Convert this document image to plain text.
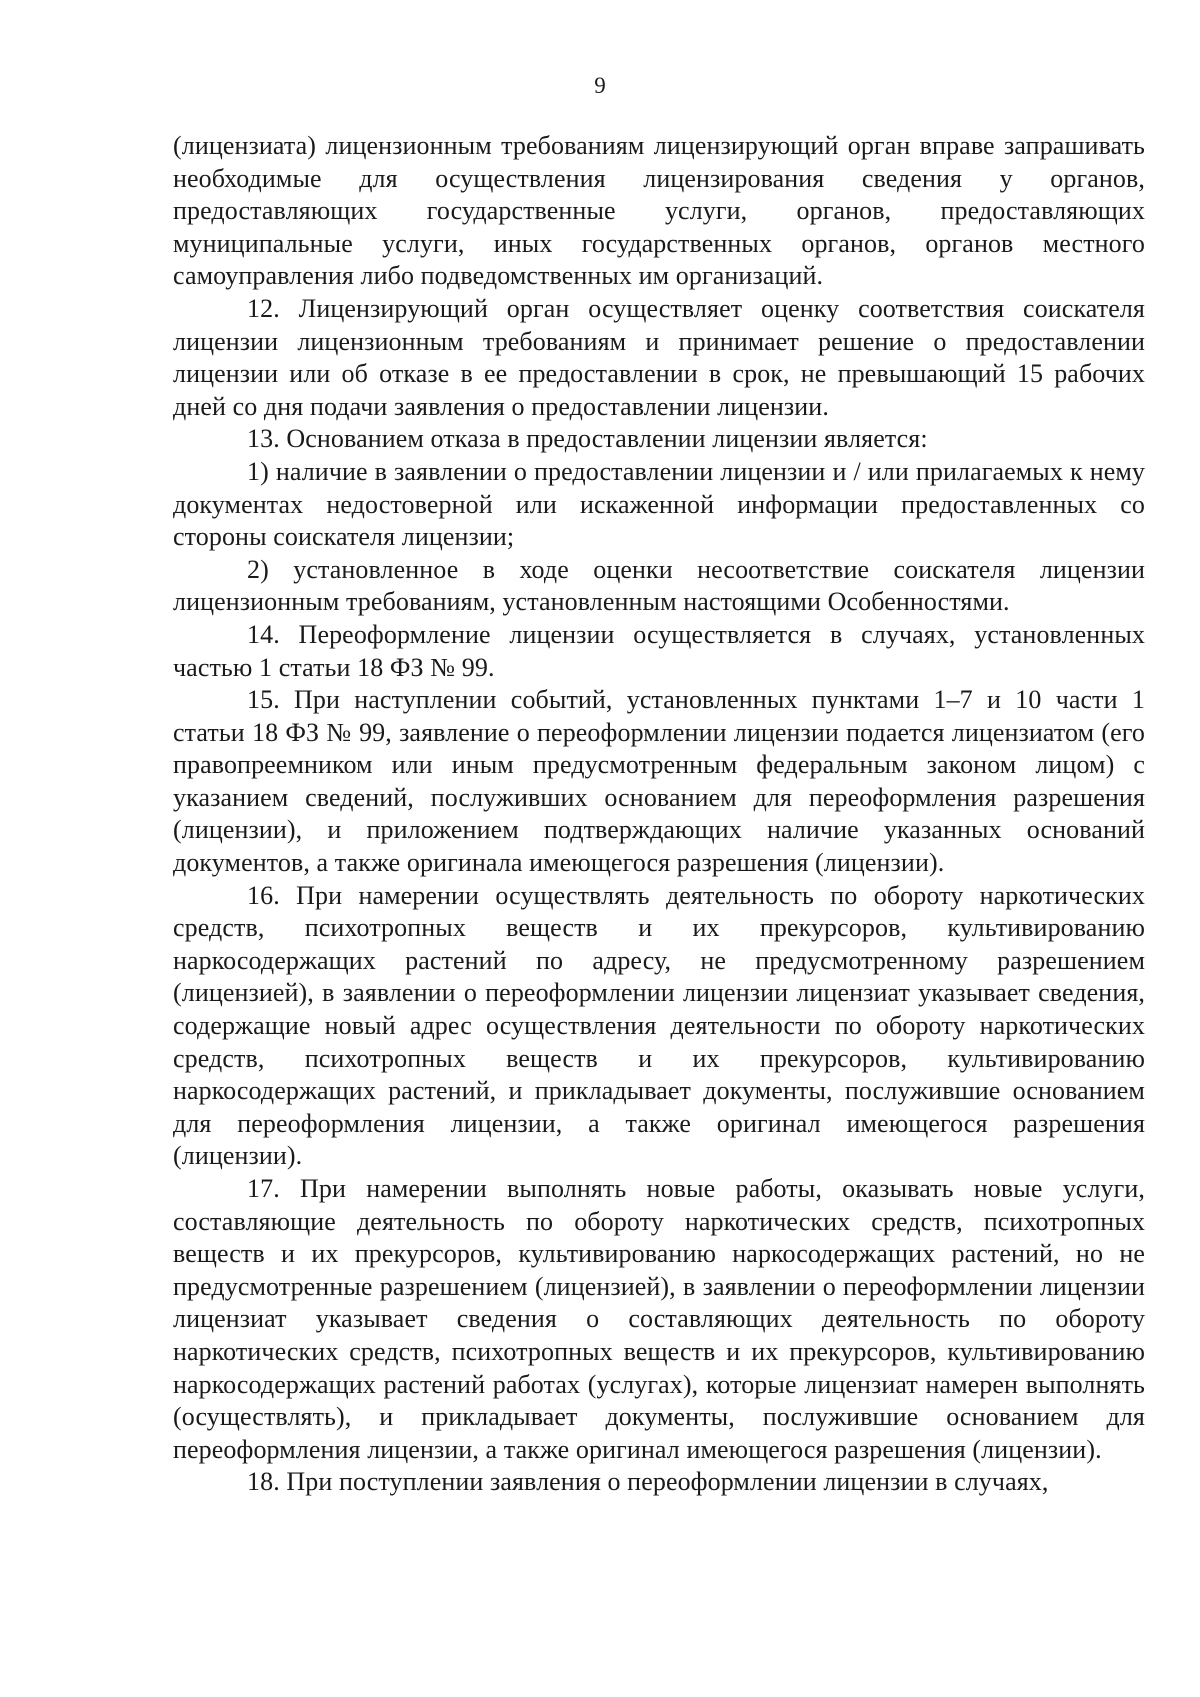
9

(лицензиата) лицензионным требованиям лицензирующий орган вправе запрашивать необходимые для осуществления лицензирования сведения у органов, предоставляющих государственные услуги, органов, предоставляющих муниципальные услуги, иных государственных органов, органов местного самоуправления либо подведомственных им организаций.

12. Лицензирующий орган осуществляет оценку соответствия соискателя лицензии лицензионным требованиям и принимает решение о предоставлении лицензии или об отказе в ее предоставлении в срок, не превышающий 15 рабочих дней со дня подачи заявления о предоставлении лицензии.

13. Основанием отказа в предоставлении лицензии является:

1) наличие в заявлении о предоставлении лицензии и / или прилагаемых к нему документах недостоверной или искаженной информации предоставленных со стороны соискателя лицензии;

2) установленное в ходе оценки несоответствие соискателя лицензии лицензионным требованиям, установленным настоящими Особенностями.

14. Переоформление лицензии осуществляется в случаях, установленных частью 1 статьи 18 ФЗ № 99.

15. При наступлении событий, установленных пунктами 1–7 и 10 части 1 статьи 18 ФЗ № 99, заявление о переоформлении лицензии подается лицензиатом (его правопреемником или иным предусмотренным федеральным законом лицом) с указанием сведений, послуживших основанием для переоформления разрешения (лицензии), и приложением подтверждающих наличие указанных оснований документов, а также оригинала имеющегося разрешения (лицензии).

16. При намерении осуществлять деятельность по обороту наркотических средств, психотропных веществ и их прекурсоров, культивированию наркосодержащих растений по адресу, не предусмотренному разрешением (лицензией), в заявлении о переоформлении лицензии лицензиат указывает сведения, содержащие новый адрес осуществления деятельности по обороту наркотических средств, психотропных веществ и их прекурсоров, культивированию наркосодержащих растений, и прикладывает документы, послужившие основанием для переоформления лицензии, а также оригинал имеющегося разрешения (лицензии).

17. При намерении выполнять новые работы, оказывать новые услуги, составляющие деятельность по обороту наркотических средств, психотропных веществ и их прекурсоров, культивированию наркосодержащих растений, но не предусмотренные разрешением (лицензией), в заявлении о переоформлении лицензии лицензиат указывает сведения о составляющих деятельность по обороту наркотических средств, психотропных веществ и их прекурсоров, культивированию наркосодержащих растений работах (услугах), которые лицензиат намерен выполнять (осуществлять), и прикладывает документы, послужившие основанием для переоформления лицензии, а также оригинал имеющегося разрешения (лицензии).

18. При поступлении заявления о переоформлении лицензии в случаях,
